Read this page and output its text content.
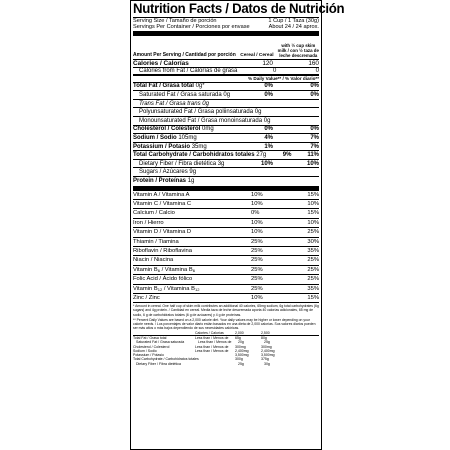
Nutrition Facts / Datos de Nutrición
Serving Size / Tamaño de porción	1 Cup / 1 Taza (30g)
Servings Per Container / Porciones por envase	About 24 / 24 aprox.
Amount Per Serving / Cantidad por porción Cereal / Cereal
with ½ cup skim milk / con ½ taza de leche descremada
Calories / Calorías	120	160
Calories from Fat / Calorías de grasa	0	0
% Daily Value** / % Valor diario**
Total Fat / Grasa total 0g*	0%	0%
Saturated Fat / Grasa saturada 0g	0%	0%
Trans Fat / Grasa trans 0g
Polyunsaturated Fat / Grasa poliinsaturada 0g
Monounsaturated Fat / Grasa monoinsaturada 0g
Cholesterol / Colesterol 0mg	0%	0%
Sodium / Sodio 105mg	4%	7%
Potassium / Potasio 35mg	1%	7%
Total Carbohydrate / Carbohidratos totales 27g	9%	11%
Dietary Fiber / Fibra dietética 3g	10%	10%
Sugars / Azúcares 9g
Protein / Proteínas 1g
Vitamin A / Vitamina A	10%	15%
Vitamin C / Vitamina C	10%	10%
Calcium / Calcio	0%	15%
Iron / Hierro	10%	10%
Vitamin D / Vitamina D	10%	25%
Thiamin / Tiamina	25%	30%
Riboflavin / Riboflavina	25%	35%
Niacin / Niacina	25%	25%
Vitamin $B_6$ / Vitamina $B_6$	25%	25%
Folic Acid / Ácido fólico	25%	25%
Vitamin $B_{12}$ / Vitamina $B_{12}$	25%	35%
Zinc / Zinc	10%	15%
* Amount in cereal. One half cup of skim milk contributes an additional 40 calories, 65mg sodium, 6g total carbohydrates (6g sugars) and 4g protein. / Cantidad en cereal. Media taza de leche descremada aporta 40 calorías adicionales, 65 mg de sodio, 6 g de carbohidratos totales (6 g de azúcares) y 4 g de proteínas.
** Percent Daily Values are based on a 2,000 calorie diet. Your daily values may be higher or lower depending on your calorie needs. / Los porcentajes de valor diario están basados en una dieta de 2,000 calorías. Sus valores diarios pueden ser más altos o más bajos dependiendo de sus necesidades calóricas.
Calories / Calorías	2,000	2,500
Total Fat / Grasa total	Less than / Menos de	65g	80g
Saturated Fat / Grasa saturada	Less than / Menos de	20g	25g
Cholesterol / Colesterol	Less than / Menos de	300mg	300mg
Sodium / Sodio	Less than / Menos de	2,400mg	2,400mg
Potassium / Potasio	3,500mg	3,500mg
Total Carbohydrate / Carbohidratos totales	300g	375g
Dietary Fiber / Fibra dietética	25g	30g
